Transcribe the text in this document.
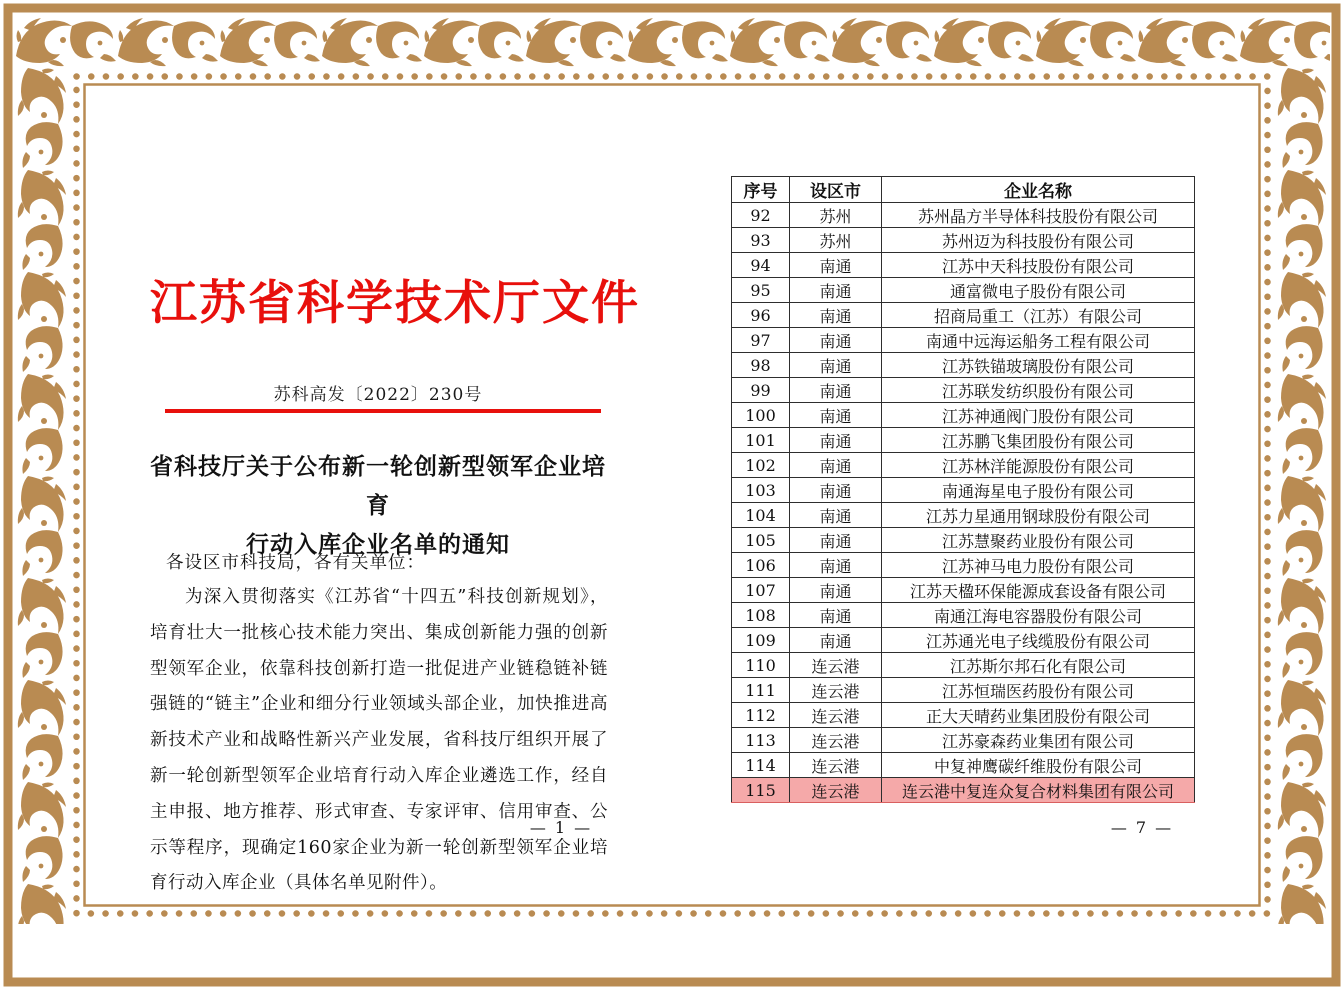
江苏省科学技术厅文件
苏科高发〔2022〕230号
省科技厅关于公布新一轮创新型领军企业培育
行动入库企业名单的通知
各设区市科技局，各有关单位：
为深入贯彻落实《江苏省“十四五”科技创新规划》，培育壮大一批核心技术能力突出、集成创新能力强的创新型领军企业，依靠科技创新打造一批促进产业链稳链补链强链的“链主”企业和细分行业领域头部企业，加快推进高新技术产业和战略性新兴产业发展，省科技厅组织开展了新一轮创新型领军企业培育行动入库企业遴选工作，经自主申报、地方推荐、形式审查、专家评审、信用审查、公示等程序，现确定160家企业为新一轮创新型领军企业培育行动入库企业（具体名单见附件）。
— 1 —
序号	设区市	企业名称
92	苏州	苏州晶方半导体科技股份有限公司
93	苏州	苏州迈为科技股份有限公司
94	南通	江苏中天科技股份有限公司
95	南通	通富微电子股份有限公司
96	南通	招商局重工（江苏）有限公司
97	南通	南通中远海运船务工程有限公司
98	南通	江苏铁锚玻璃股份有限公司
99	南通	江苏联发纺织股份有限公司
100	南通	江苏神通阀门股份有限公司
101	南通	江苏鹏飞集团股份有限公司
102	南通	江苏林洋能源股份有限公司
103	南通	南通海星电子股份有限公司
104	南通	江苏力星通用钢球股份有限公司
105	南通	江苏慧聚药业股份有限公司
106	南通	江苏神马电力股份有限公司
107	南通	江苏天楹环保能源成套设备有限公司
108	南通	南通江海电容器股份有限公司
109	南通	江苏通光电子线缆股份有限公司
110	连云港	江苏斯尔邦石化有限公司
111	连云港	江苏恒瑞医药股份有限公司
112	连云港	正大天晴药业集团股份有限公司
113	连云港	江苏豪森药业集团有限公司
114	连云港	中复神鹰碳纤维股份有限公司
115	连云港	连云港中复连众复合材料集团有限公司
— 7 —
